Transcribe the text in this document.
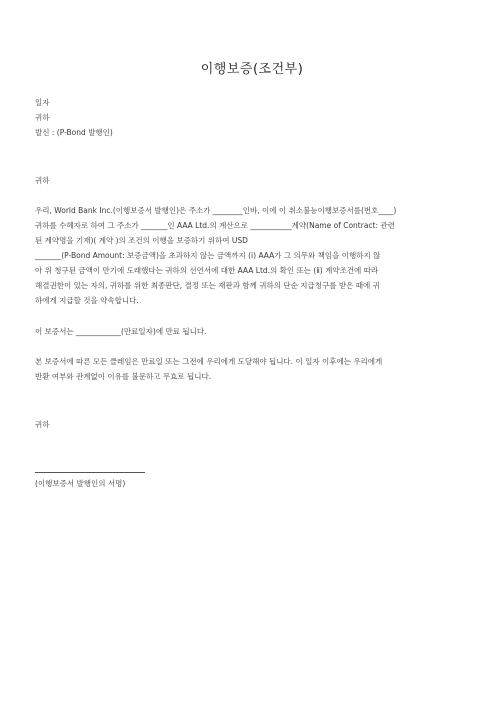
이행보증(조건부)
일자
귀하
발신 : (P-Bond 발행인)
귀하
우리, World Bank Inc.(이행보증서 발행인)은 주소가 ________인바, 이에 이 취소불능이행보증서를(번호____)
귀하를 수혜자로 하여 그 주소가 _______인 AAA Ltd.의 계산으로 ___________계약(Name of Contract: 관련
된 계약명을 기재)( 계약 )의 조건의 이행을 보증하기 위하여 USD
_______(P-Bond Amount: 보증금액)을 초과하지 않는 금액까지 (ⅰ) AAA가 그 의무와 책임을 이행하지 않
아 위 청구된 금액이 만기에 도래했다는 귀하의 선언서에 대한 AAA Ltd.의 확인 또는 (ⅱ) 계약조건에 따라
해결권한이 있는 자의, 귀하를 위한 최종판단, 결정 또는 재판과 함께 귀하의 단순 지급청구를 받은 때에 귀
하에게 지급할 것을 약속합니다.
이 보증서는 ____________(만료일자)에 만료 됩니다.
본 보증서에 따른 모든 클레임은 만료일 또는 그전에 우리에게 도달해야 됩니다. 이 일자 이후에는 우리에게
반환 여부와 관계없이 이유를 불문하고 무효로 됩니다.
귀하
(이행보증서 발행인의 서명)
